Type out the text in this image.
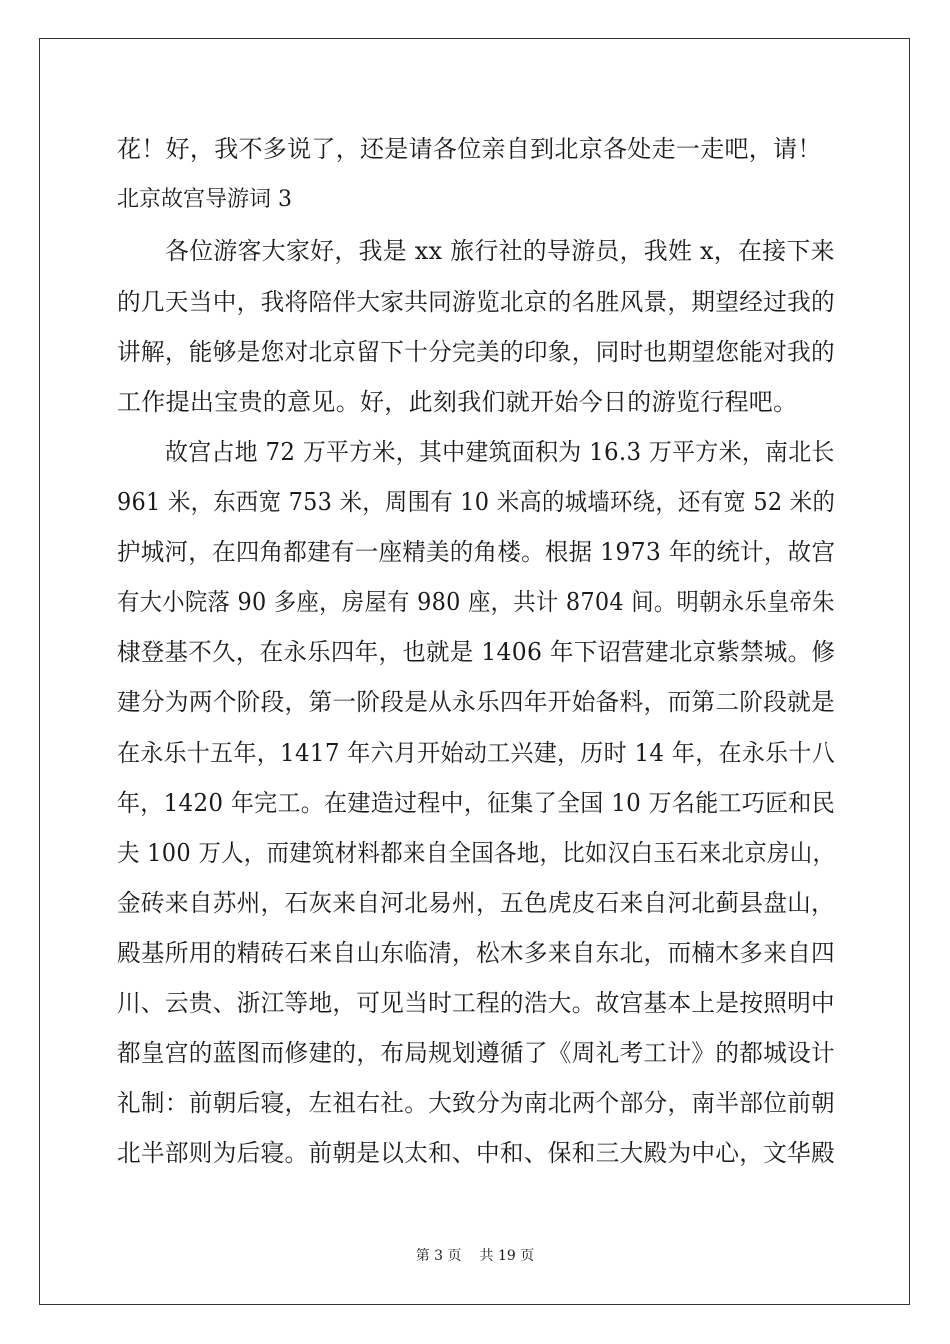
花！好，我不多说了，还是请各位亲自到北京各处走一走吧，请！
北京故宫导游词 3
各位游客大家好，我是 xx 旅行社的导游员，我姓 x，在接下来
的几天当中，我将陪伴大家共同游览北京的名胜风景，期望经过我的
讲解，能够是您对北京留下十分完美的印象，同时也期望您能对我的
工作提出宝贵的意见。好，此刻我们就开始今日的游览行程吧。
故宫占地 72 万平方米，其中建筑面积为 16.3 万平方米，南北长
961 米，东西宽 753 米，周围有 10 米高的城墙环绕，还有宽 52 米的
护城河，在四角都建有一座精美的角楼。根据 1973 年的统计，故宫
有大小院落 90 多座，房屋有 980 座，共计 8704 间。明朝永乐皇帝朱
棣登基不久，在永乐四年，也就是 1406 年下诏营建北京紫禁城。修
建分为两个阶段，第一阶段是从永乐四年开始备料，而第二阶段就是
在永乐十五年，1417 年六月开始动工兴建，历时 14 年，在永乐十八
年，1420 年完工。在建造过程中，征集了全国 10 万名能工巧匠和民
夫 100 万人，而建筑材料都来自全国各地，比如汉白玉石来北京房山，
金砖来自苏州，石灰来自河北易州，五色虎皮石来自河北蓟县盘山，
殿基所用的精砖石来自山东临清，松木多来自东北，而楠木多来自四
川、云贵、浙江等地，可见当时工程的浩大。故宫基本上是按照明中
都皇宫的蓝图而修建的，布局规划遵循了《周礼考工计》的都城设计
礼制：前朝后寝，左祖右社。大致分为南北两个部分，南半部位前朝
北半部则为后寝。前朝是以太和、中和、保和三大殿为中心，文华殿
第 3 页 共 19 页
